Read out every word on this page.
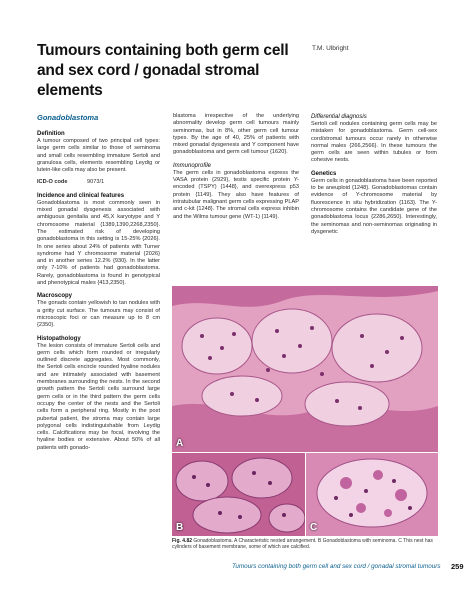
Tumours containing both germ cell and sex cord / gonadal stromal elements
T.M. Ulbright
Gonadoblastoma
Definition

A tumour composed of two principal cell types: large germ cells similar to those of seminoma and small cells resembling immature Sertoli and granulosa cells, elements resembling Leydig or lutein-like cells may also be present.

ICD-O code	9073/1
Incidence and clinical features

Gonadoblastoma is most commonly seen in mixed gonadal dysgenesis associated with ambiguous genitalia and 45,X karyotype and Y chromosome material {1389,1390,2268,2350}. The estimated risk of developing gonadoblastoma in this setting is 15-25% {2026}. In one series about 24% of patients with Turner syndrome had Y chromosome material {2026} and in another series 12.2% {930}. In the latter only 7-10% of patients had gonadoblastoma. Rarely, gonadoblastoma is found in genotypical and phenotypical males {413,2350}.

Macroscopy

The gonads contain yellowish to tan nodules with a gritty cut surface. The tumours may consist of microscopic foci or can measure up to 8 cm {2350}.

Histopathology

The lesion consists of immature Sertoli cells and germ cells which form rounded or irregularly outlined discrete aggregates. Most commonly, the Sertoli cells encircle rounded hyaline nodules and are intimately associated with basement membranes surrounding the nests. In the second growth pattern the Sertoli cells surround large germ cells or in the third pattern the germ cells occupy the center of the nests and the Sertoli cells form a peripheral ring. Mostly in the post pubertal patient, the stroma may contain large polygonal cells indistinguishable from Leydig cells. Calcifications may be focal, involving the hyaline bodies or extensive. About 50% of all patients with gonado-

blastoma irrespective of the underlying abnormality develop germ cell tumours mainly seminomas, but in 8%, other germ cell tumour types. By the age of 40, 25% of patients with mixed gonadal dysgenesis and Y component have gonadoblastoma and germ cell tumour {1620}.

Immunoprofile

The germ cells in gonadoblastoma express the VASA protein {2929}, testis specific protein Y-encoded (TSPY) {1448}, and overexpress p53 protein {1149}. They also have features of intratubular malignant germ cells expressing PLAP and c-kit {1248}. The stromal cells express inhibin and the Wilms tumour gene (WT-1) {1149}.

Differential diagnosis

Sertoli cell nodules containing germ cells may be mistaken for gonadoblastoma. Germ cell-sex cord/stromal tumours occur rarely in otherwise normal males {266,2566}. In these tumours the germ cells are seen within tubules or form cohesive nests.

Genetics

Germ cells in gonadoblastoma have been reported to be aneuploid {1248}. Gonadoblastomas contain evidence of Y-chromosome material by fluorescence in situ hybridization {1163}. The Y-chromosome contains the candidate gene of the gonadoblastoma locus {2286,2650}. Interestingly, the seminomas and non-seminomas originating in dysgenetic

A
B	C
Fig. 4.82 Gonadoblastoma. A Characteristic nested arrangement. B Gonadoblastoma with seminoma. C This nest has cylinders of basement membrane, some of which are calcified.
Tumours containing both germ cell and sex cord / gonadal stromal tumours 259
